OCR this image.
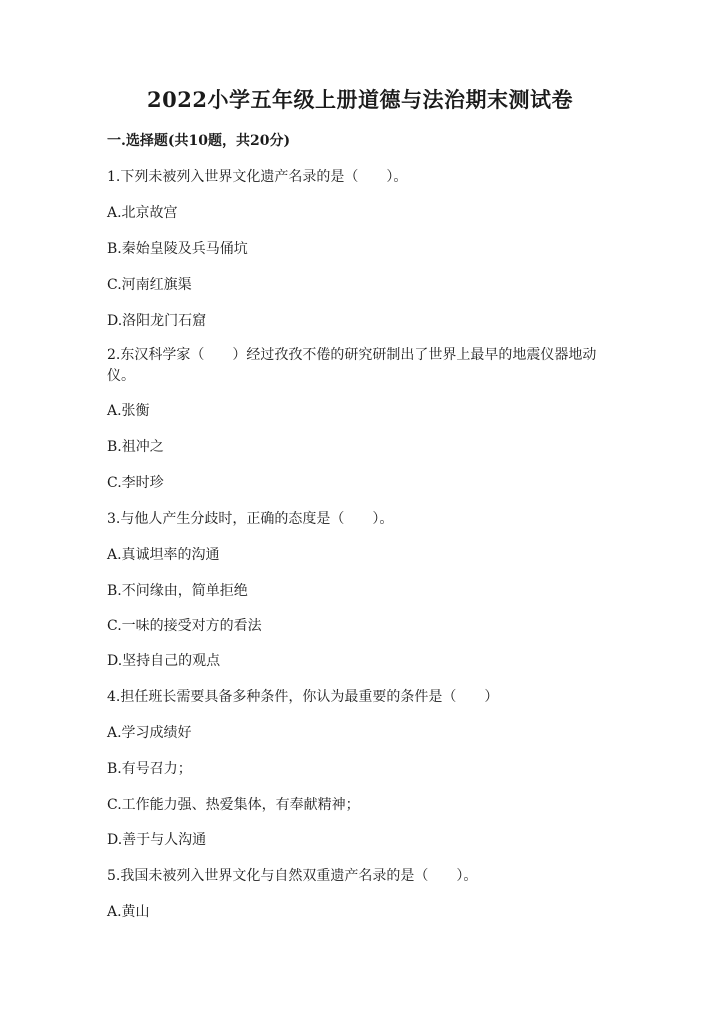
2022小学五年级上册道德与法治期末测试卷
一.选择题(共10题，共20分)
1.下列未被列入世界文化遗产名录的是（　　）。
A.北京故宫
B.秦始皇陵及兵马俑坑
C.河南红旗渠
D.洛阳龙门石窟
2.东汉科学家（　　）经过孜孜不倦的研究研制出了世界上最早的地震仪器地动仪。
A.张衡
B.祖冲之
C.李时珍
3.与他人产生分歧时，正确的态度是（　　）。
A.真诚坦率的沟通
B.不问缘由，简单拒绝
C.一味的接受对方的看法
D.坚持自己的观点
4.担任班长需要具备多种条件，你认为最重要的条件是（　　）
A.学习成绩好
B.有号召力；
C.工作能力强、热爱集体，有奉献精神；
D.善于与人沟通
5.我国未被列入世界文化与自然双重遗产名录的是（　　）。
A.黄山
